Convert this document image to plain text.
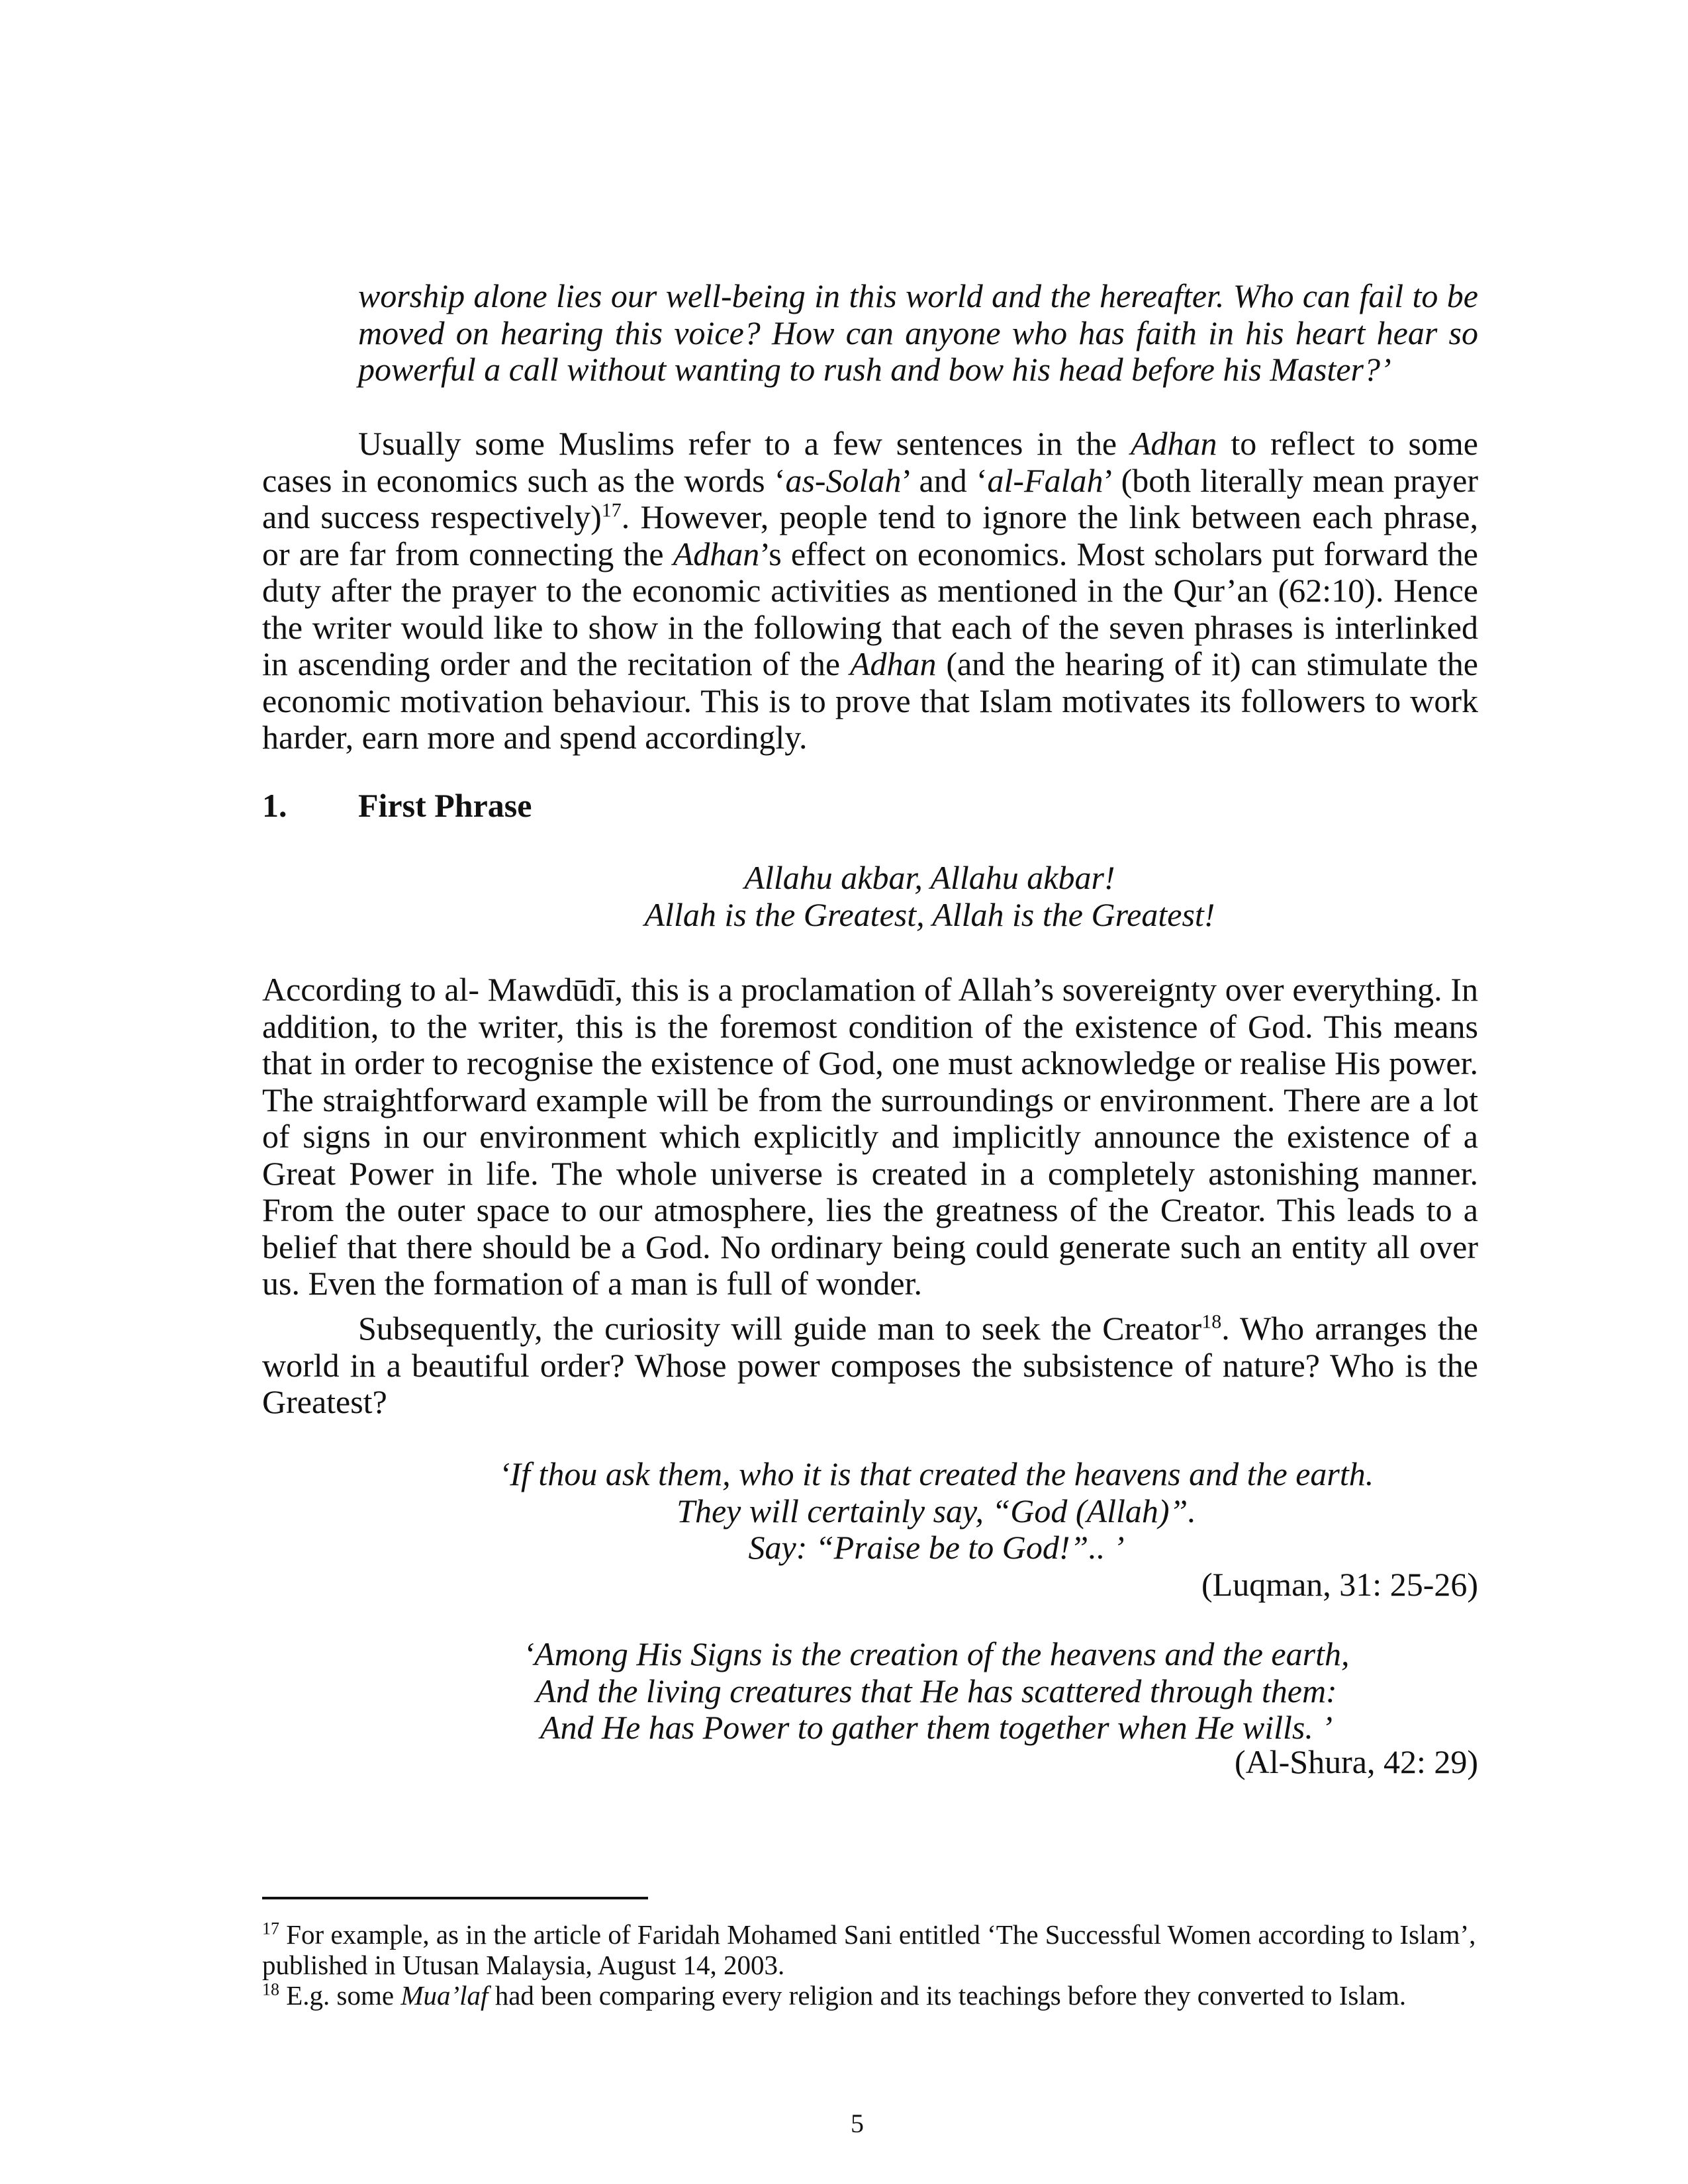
worship alone lies our well-being in this world and the hereafter. Who can fail to be moved on hearing this voice? How can anyone who has faith in his heart hear so powerful a call without wanting to rush and bow his head before his Master?’
Usually some Muslims refer to a few sentences in the Adhan to reflect to some cases in economics such as the words ‘as-Solah’ and ‘al-Falah’ (both literally mean prayer and success respectively)$^{17}$. However, people tend to ignore the link between each phrase, or are far from connecting the Adhan’s effect on economics. Most scholars put forward the duty after the prayer to the economic activities as mentioned in the Qur’an (62:10). Hence the writer would like to show in the following that each of the seven phrases is interlinked in ascending order and the recitation of the Adhan (and the hearing of it) can stimulate the economic motivation behaviour. This is to prove that Islam motivates its followers to work harder, earn more and spend accordingly.
1. First Phrase
Allahu akbar, Allahu akbar!
Allah is the Greatest, Allah is the Greatest!
According to al- Mawdūdī, this is a proclamation of Allah’s sovereignty over everything. In addition, to the writer, this is the foremost condition of the existence of God. This means that in order to recognise the existence of God, one must acknowledge or realise His power. The straightforward example will be from the surroundings or environment. There are a lot of signs in our environment which explicitly and implicitly announce the existence of a Great Power in life. The whole universe is created in a completely astonishing manner. From the outer space to our atmosphere, lies the greatness of the Creator. This leads to a belief that there should be a God. No ordinary being could generate such an entity all over us. Even the formation of a man is full of wonder.
Subsequently, the curiosity will guide man to seek the Creator$^{18}$. Who arranges the world in a beautiful order? Whose power composes the subsistence of nature? Who is the Greatest?
‘If thou ask them, who it is that created the heavens and the earth.
They will certainly say, “God (Allah)”.
Say: “Praise be to God!”.. ’
(Luqman, 31: 25-26)
‘Among His Signs is the creation of the heavens and the earth,
And the living creatures that He has scattered through them:
And He has Power to gather them together when He wills. ’
(Al-Shura, 42: 29)
$^{17}$ For example, as in the article of Faridah Mohamed Sani entitled ‘The Successful Women according to Islam’, published in Utusan Malaysia, August 14, 2003.
$^{18}$ E.g. some Mua’laf had been comparing every religion and its teachings before they converted to Islam.
5
